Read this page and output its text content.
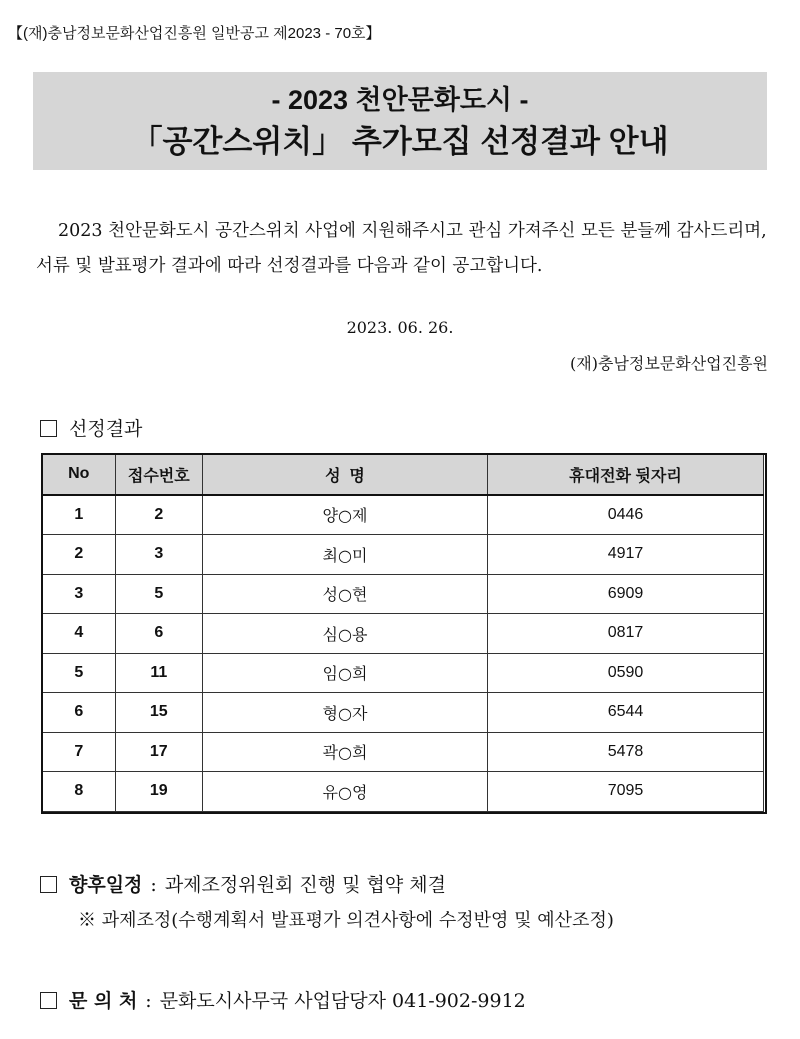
【(재)충남정보문화산업진흥원 일반공고 제2023 - 70호】
- 2023 천안문화도시 -
「공간스위치」 추가모집 선정결과 안내
2023 천안문화도시 공간스위치 사업에 지원해주시고 관심 가져주신 모든 분들께 감사드리며, 서류 및 발표평가 결과에 따라 선정결과를 다음과 같이 공고합니다.
2023. 06. 26.
(재)충남정보문화산업진흥원
선정결과
No	접수번호	성  명	휴대전화 뒷자리
1	2	양○제	0446
2	3	최○미	4917
3	5	성○현	6909
4	6	심○용	0817
5	11	임○희	0590
6	15	형○자	6544
7	17	곽○희	5478
8	19	유○영	7095
향후일정 : 과제조정위원회 진행 및 협약 체결
※ 과제조정(수행계획서 발표평가 의견사항에 수정반영 및 예산조정)
문 의 처 : 문화도시사무국 사업담당자 041-902-9912
